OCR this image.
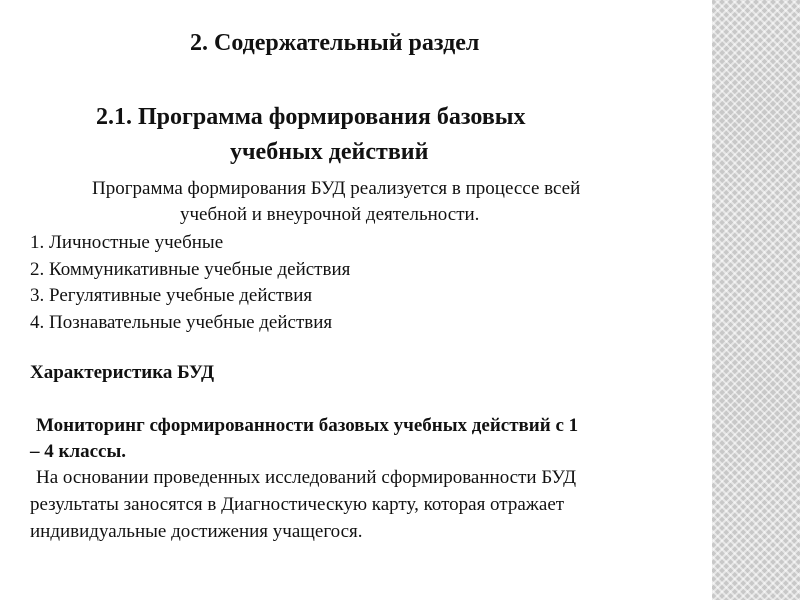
2. Содержательный раздел
2.1. Программа формирования базовых
учебных действий
Программа формирования БУД реализуется в процессе всей
учебной и внеурочной деятельности.
1. Личностные учебные
2. Коммуникативные учебные действия
3. Регулятивные учебные действия
4. Познавательные учебные действия
Характеристика БУД
Мониторинг сформированности базовых учебных действий с 1
– 4 классы.
На основании проведенных исследований сформированности БУД
результаты заносятся в Диагностическую карту, которая отражает
индивидуальные достижения учащегося.
